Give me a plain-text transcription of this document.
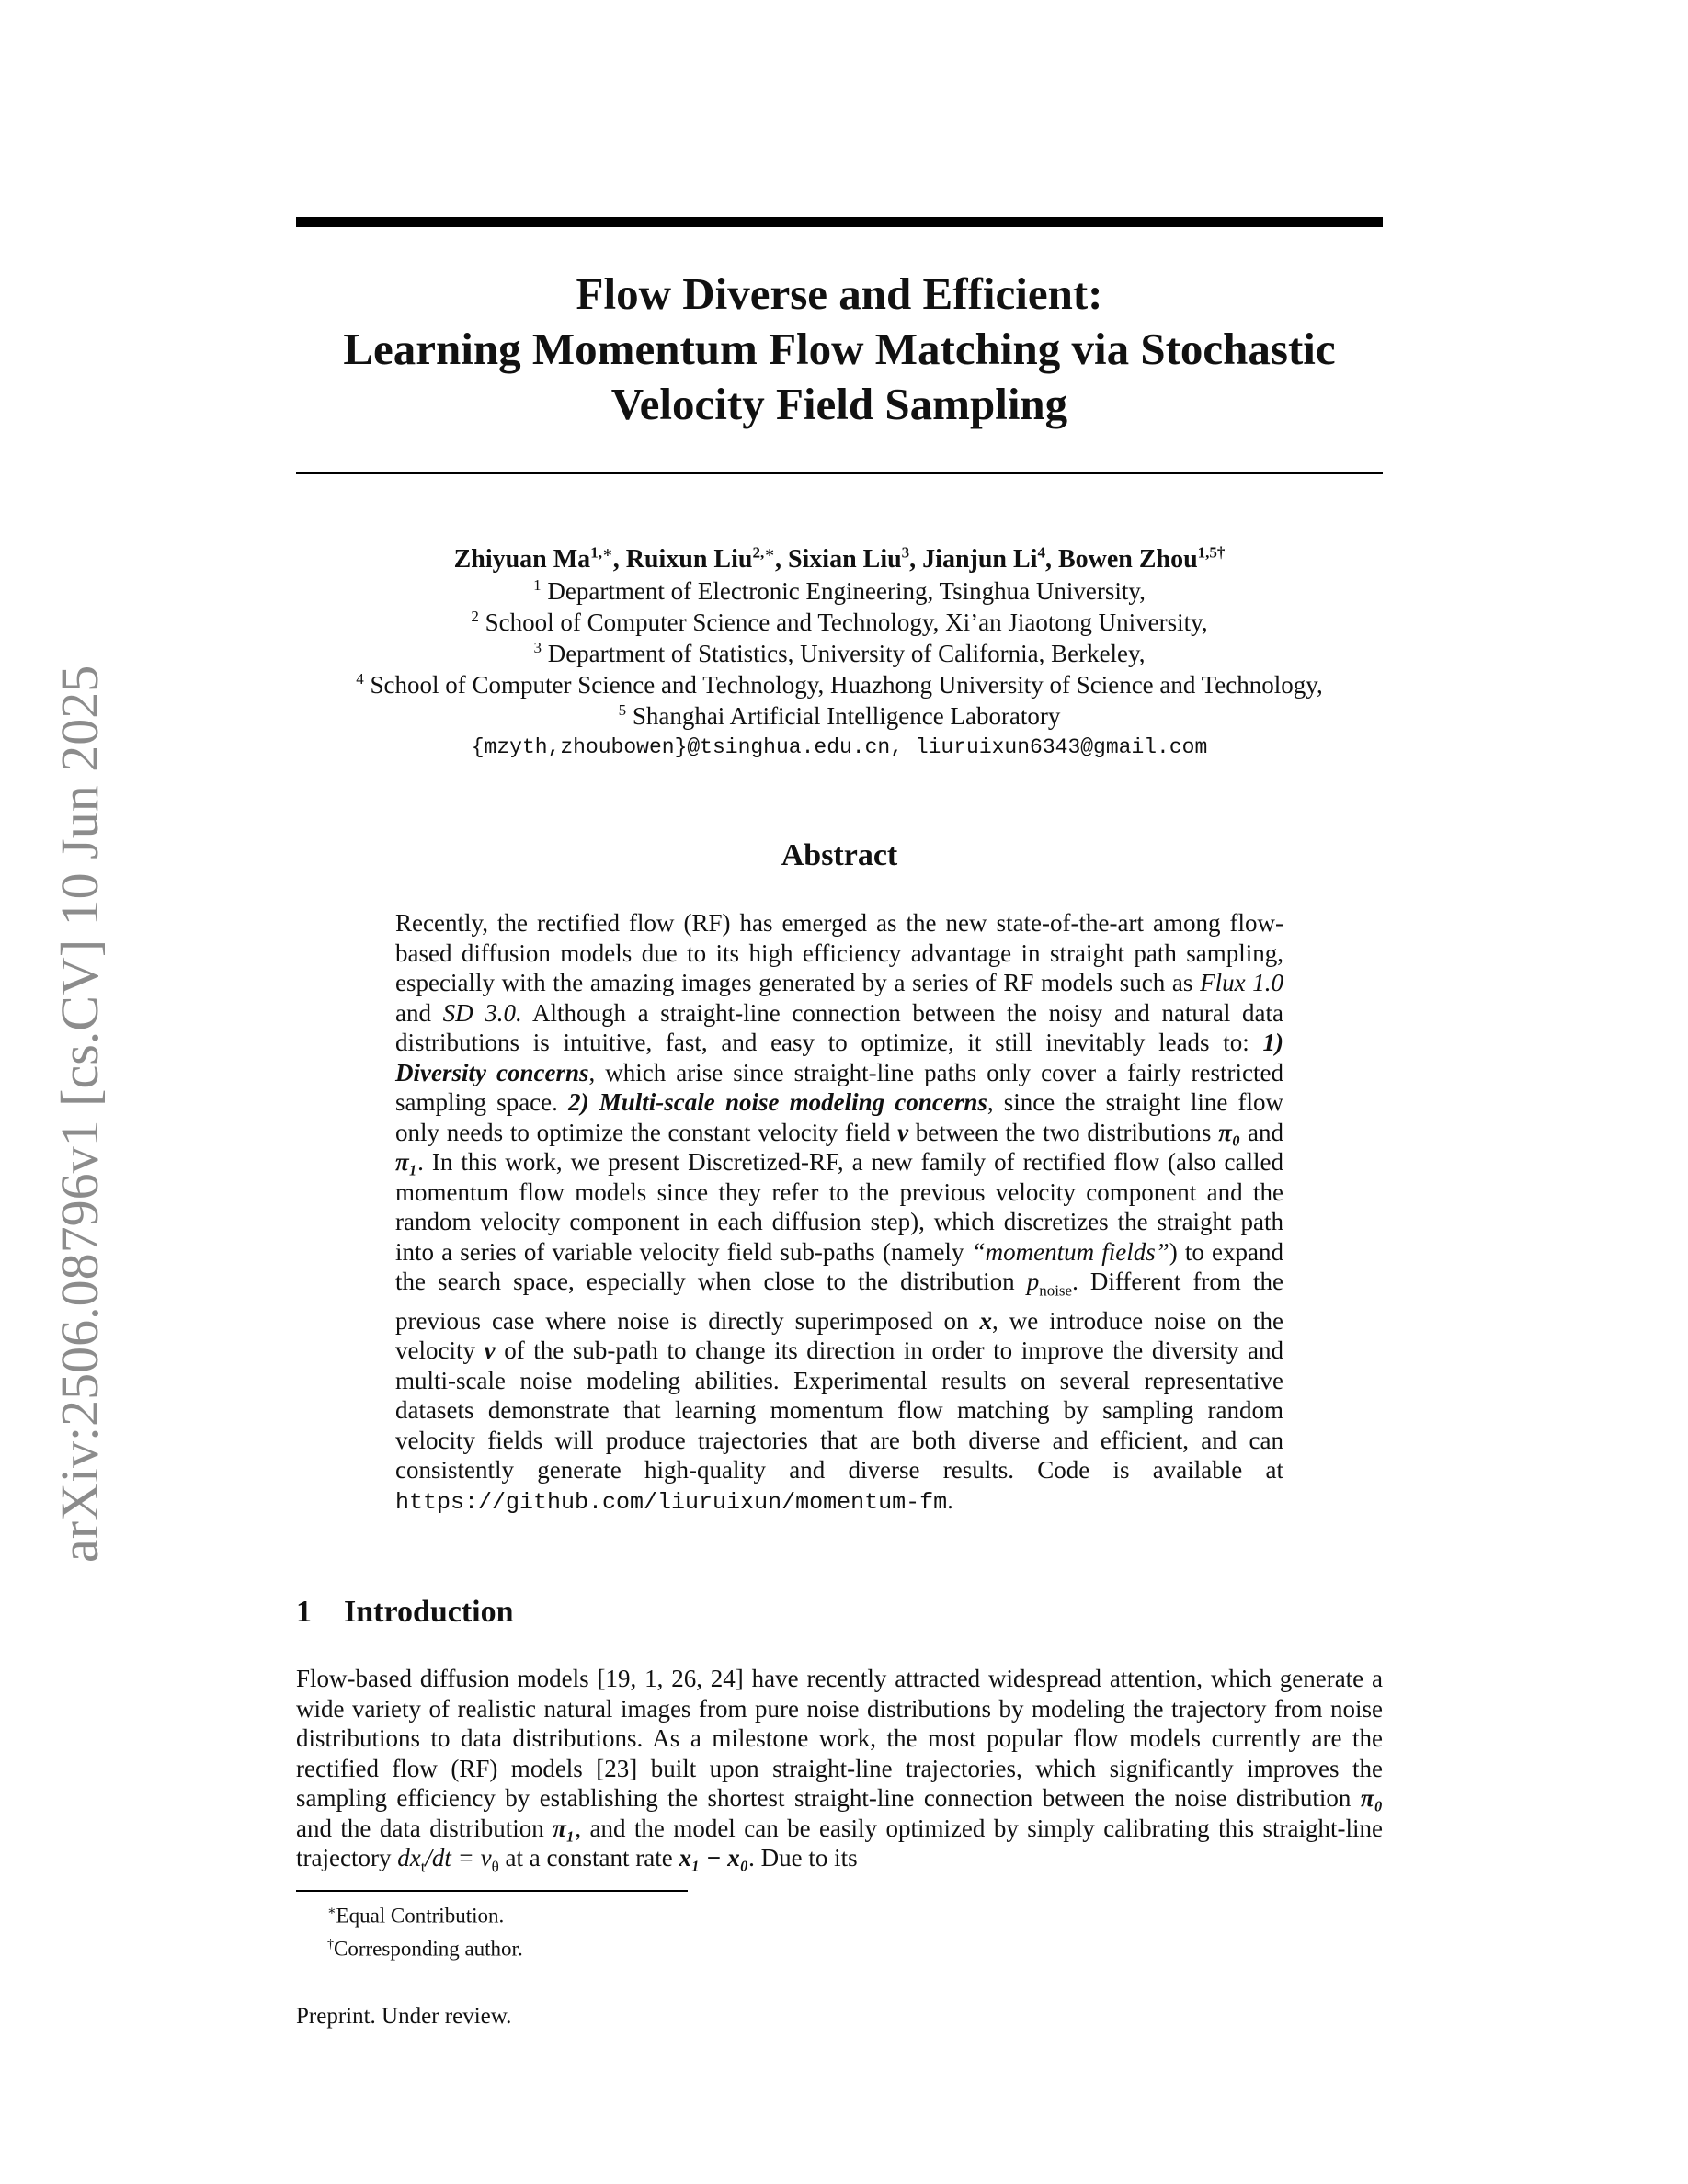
Flow Diverse and Efficient:
Learning Momentum Flow Matching via Stochastic
Velocity Field Sampling
Zhiyuan $Ma^{1,∗}$, Ruixun Liu$^{2,∗}$, Sixian Liu$^3$, Jianjun Li$^4$, Bowen Zhou$^{1,5\dagger}$
$^1$ Department of Electronic Engineering, Tsinghua University,
$^2$ School of Computer Science and Technology, Xi’an Jiaotong University,
$^3$ Department of Statistics, University of California, Berkeley,
$^4$ School of Computer Science and Technology, Huazhong University of Science and Technology,
$^5$ Shanghai Artificial Intelligence Laboratory
{mzyth,zhoubowen}@tsinghua.edu.cn, liuruixun6343@gmail.com
Abstract

Recently, the rectified flow (RF) has emerged as the new state-of-the-art among flow-based diffusion models due to its high efficiency advantage in straight path sampling, especially with the amazing images generated by a series of RF models such as Flux 1.0 and SD 3.0. Although a straight-line connection between the noisy and natural data distributions is intuitive, fast, and easy to optimize, it still inevitably leads to: 1) Diversity concerns, which arise since straight-line paths only cover a fairly restricted sampling space. 2) Multi-scale noise modeling concerns, since the straight line flow only needs to optimize the constant velocity field v between the two distributions π₀ and π₁. In this work, we present Discretized-RF, a new family of rectified flow (also called momentum flow models since they refer to the previous velocity component and the random velocity component in each diffusion step), which discretizes the straight path into a series of variable velocity field sub-paths (namely “momentum fields”) to expand the search space, especially when close to the distribution $p_{noise}$. Different from the previous case where noise is directly superimposed on x, we introduce noise on the velocity v of the sub-path to change its direction in order to improve the diversity and multi-scale noise modeling abilities. Experimental results on several representative datasets demonstrate that learning momentum flow matching by sampling random velocity fields will produce trajectories that are both diverse and efficient, and can consistently generate high-quality and diverse results. Code is available at https://github.com/liuruixun/momentum-fm.

1 Introduction

Flow-based diffusion models [19, 1, 26, 24] have recently attracted widespread attention, which generate a wide variety of realistic natural images from pure noise distributions by modeling the trajectory from noise distributions to data distributions. As a milestone work, the most popular flow models currently are the rectified flow (RF) models [23] built upon straight-line trajectories, which significantly improves the sampling efficiency by establishing the shortest straight-line connection between the noise distribution π₀ and the data distribution π₁, and the model can be easily optimized by simply calibrating this straight-line trajectory $dx_t/dt = v_\theta$ at a constant rate x₁ − x₀. Due to its

∗Equal Contribution.
†Corresponding author.
Preprint. Under review.
arXiv:2506.08796v1 [cs.CV] 10 Jun 2025
